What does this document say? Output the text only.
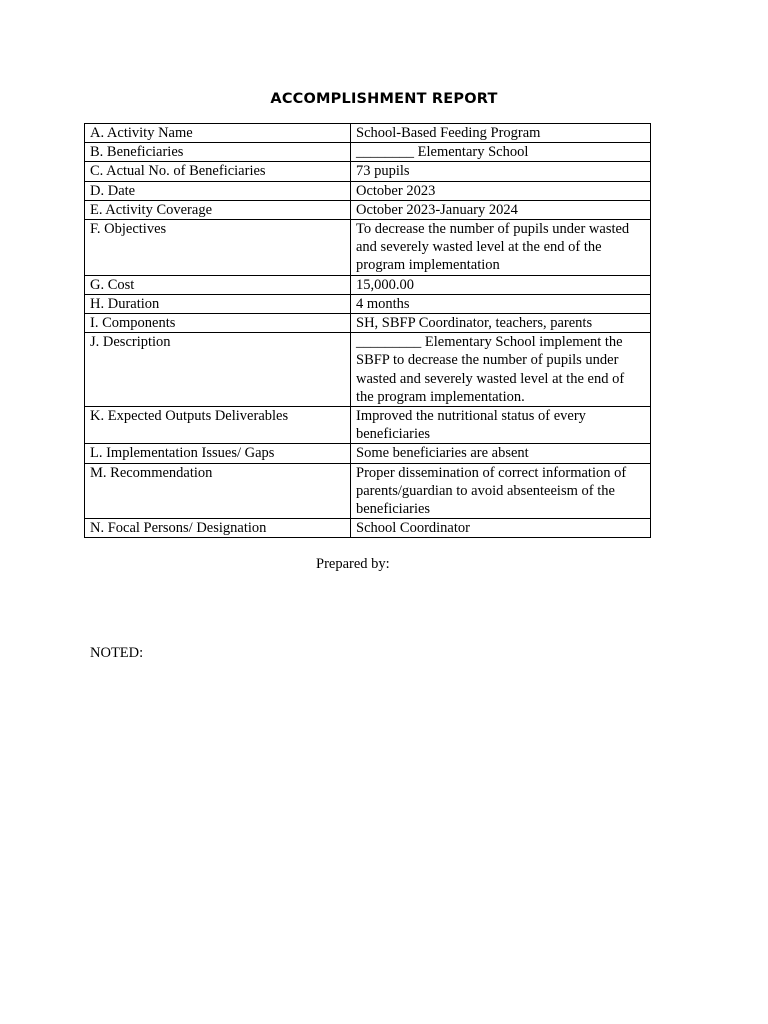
ACCOMPLISHMENT REPORT
A. Activity Name	School-Based Feeding Program
B. Beneficiaries	________ Elementary School
C. Actual No. of Beneficiaries	73 pupils
D. Date	October 2023
E. Activity Coverage	October 2023-January 2024
F. Objectives	To decrease the number of pupils under wasted and severely wasted level at the end of the program implementation
G. Cost	15,000.00
H. Duration	4 months
I. Components	SH, SBFP Coordinator, teachers, parents
J. Description	_________ Elementary School implement the SBFP to decrease the number of pupils under wasted and severely wasted level at the end of the program implementation.
K. Expected Outputs Deliverables	Improved the nutritional status of every beneficiaries
L. Implementation Issues/ Gaps	Some beneficiaries are absent
M. Recommendation	Proper dissemination of correct information of parents/guardian to avoid absenteeism of the beneficiaries
N. Focal Persons/ Designation	School Coordinator
Prepared by:
NOTED:
